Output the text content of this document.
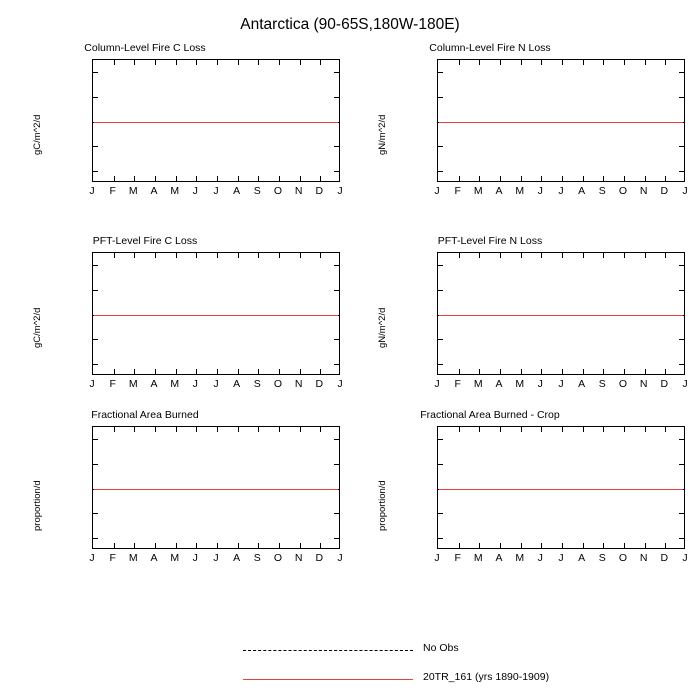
Antarctica (90-65S,180W-180E)
Column-Level Fire C Loss
gC/m^2/d
J F M A M J J A S O N D J
Column-Level Fire N Loss
gN/m^2/d
J F M A M J J A S O N D J
PFT-Level Fire C Loss
gC/m^2/d
J F M A M J J A S O N D J
PFT-Level Fire N Loss
gN/m^2/d
J F M A M J J A S O N D J
Fractional Area Burned
proportion/d
J F M A M J J A S O N D J
Fractional Area Burned - Crop
proportion/d
J F M A M J J A S O N D J
No Obs
20TR_161 (yrs 1890-1909)
